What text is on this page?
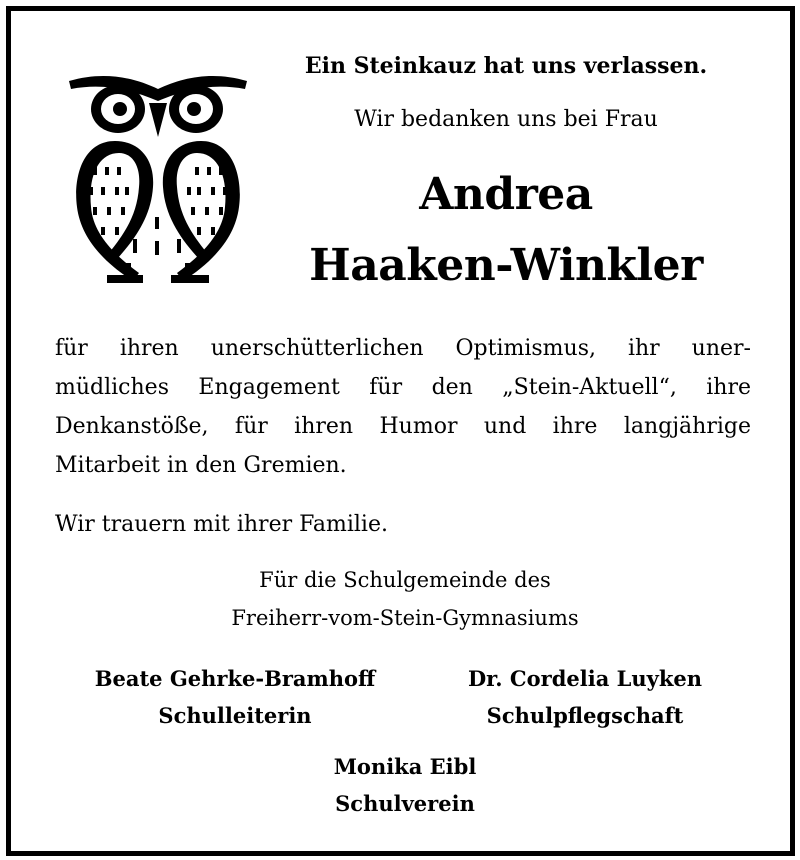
Ein Steinkauz hat uns verlassen.
Wir bedanken uns bei Frau
Andrea
Haaken-Winkler
für ihren unerschütterlichen Optimismus, ihr uner-
müdliches Engagement für den „Stein-Aktuell“, ihre
Denkanstöße, für ihren Humor und ihre langjährige
Mitarbeit in den Gremien.
Wir trauern mit ihrer Familie.
Für die Schulgemeinde des
Freiherr-vom-Stein-Gymnasiums
Beate Gehrke-Bramhoff
Schulleiterin
Dr. Cordelia Luyken
Schulpflegschaft
Monika Eibl
Schulverein
